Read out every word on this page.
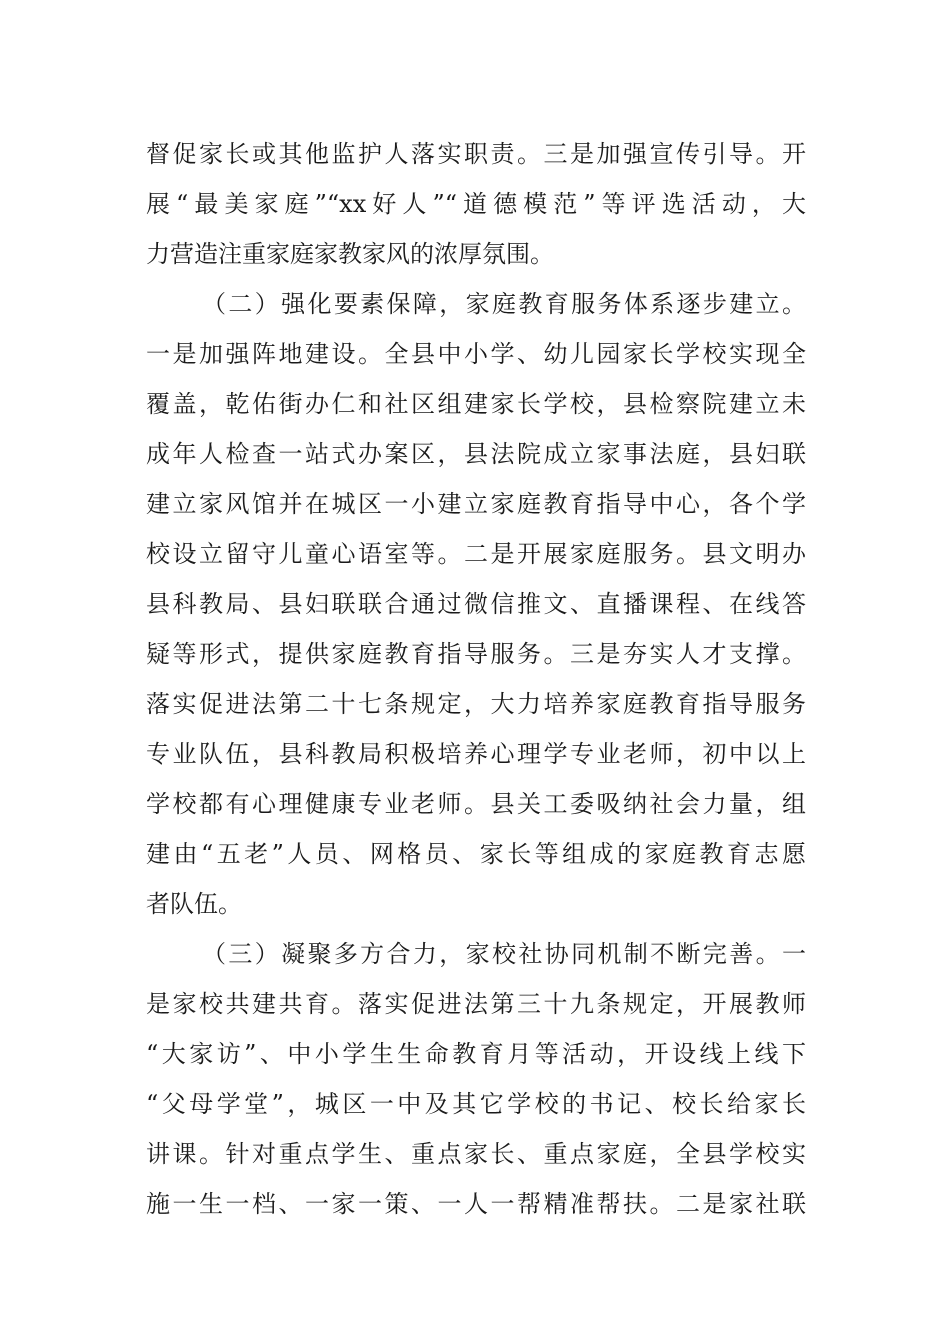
督促家长或其他监护人落实职责。三是加强宣传引导。开
展“最美家庭”“xx好人”“道德模范”等评选活动，大
力营造注重家庭家教家风的浓厚氛围。
（二）强化要素保障，家庭教育服务体系逐步建立。
一是加强阵地建设。全县中小学、幼儿园家长学校实现全
覆盖，乾佑街办仁和社区组建家长学校，县检察院建立未
成年人检查一站式办案区，县法院成立家事法庭，县妇联
建立家风馆并在城区一小建立家庭教育指导中心，各个学
校设立留守儿童心语室等。二是开展家庭服务。县文明办
县科教局、县妇联联合通过微信推文、直播课程、在线答
疑等形式，提供家庭教育指导服务。三是夯实人才支撑。
落实促进法第二十七条规定，大力培养家庭教育指导服务
专业队伍，县科教局积极培养心理学专业老师，初中以上
学校都有心理健康专业老师。县关工委吸纳社会力量，组
建由“五老”人员、网格员、家长等组成的家庭教育志愿
者队伍。
（三）凝聚多方合力，家校社协同机制不断完善。一
是家校共建共育。落实促进法第三十九条规定，开展教师
“大家访”、中小学生生命教育月等活动，开设线上线下
“父母学堂”，城区一中及其它学校的书记、校长给家长
讲课。针对重点学生、重点家长、重点家庭，全县学校实
施一生一档、一家一策、一人一帮精准帮扶。二是家社联
